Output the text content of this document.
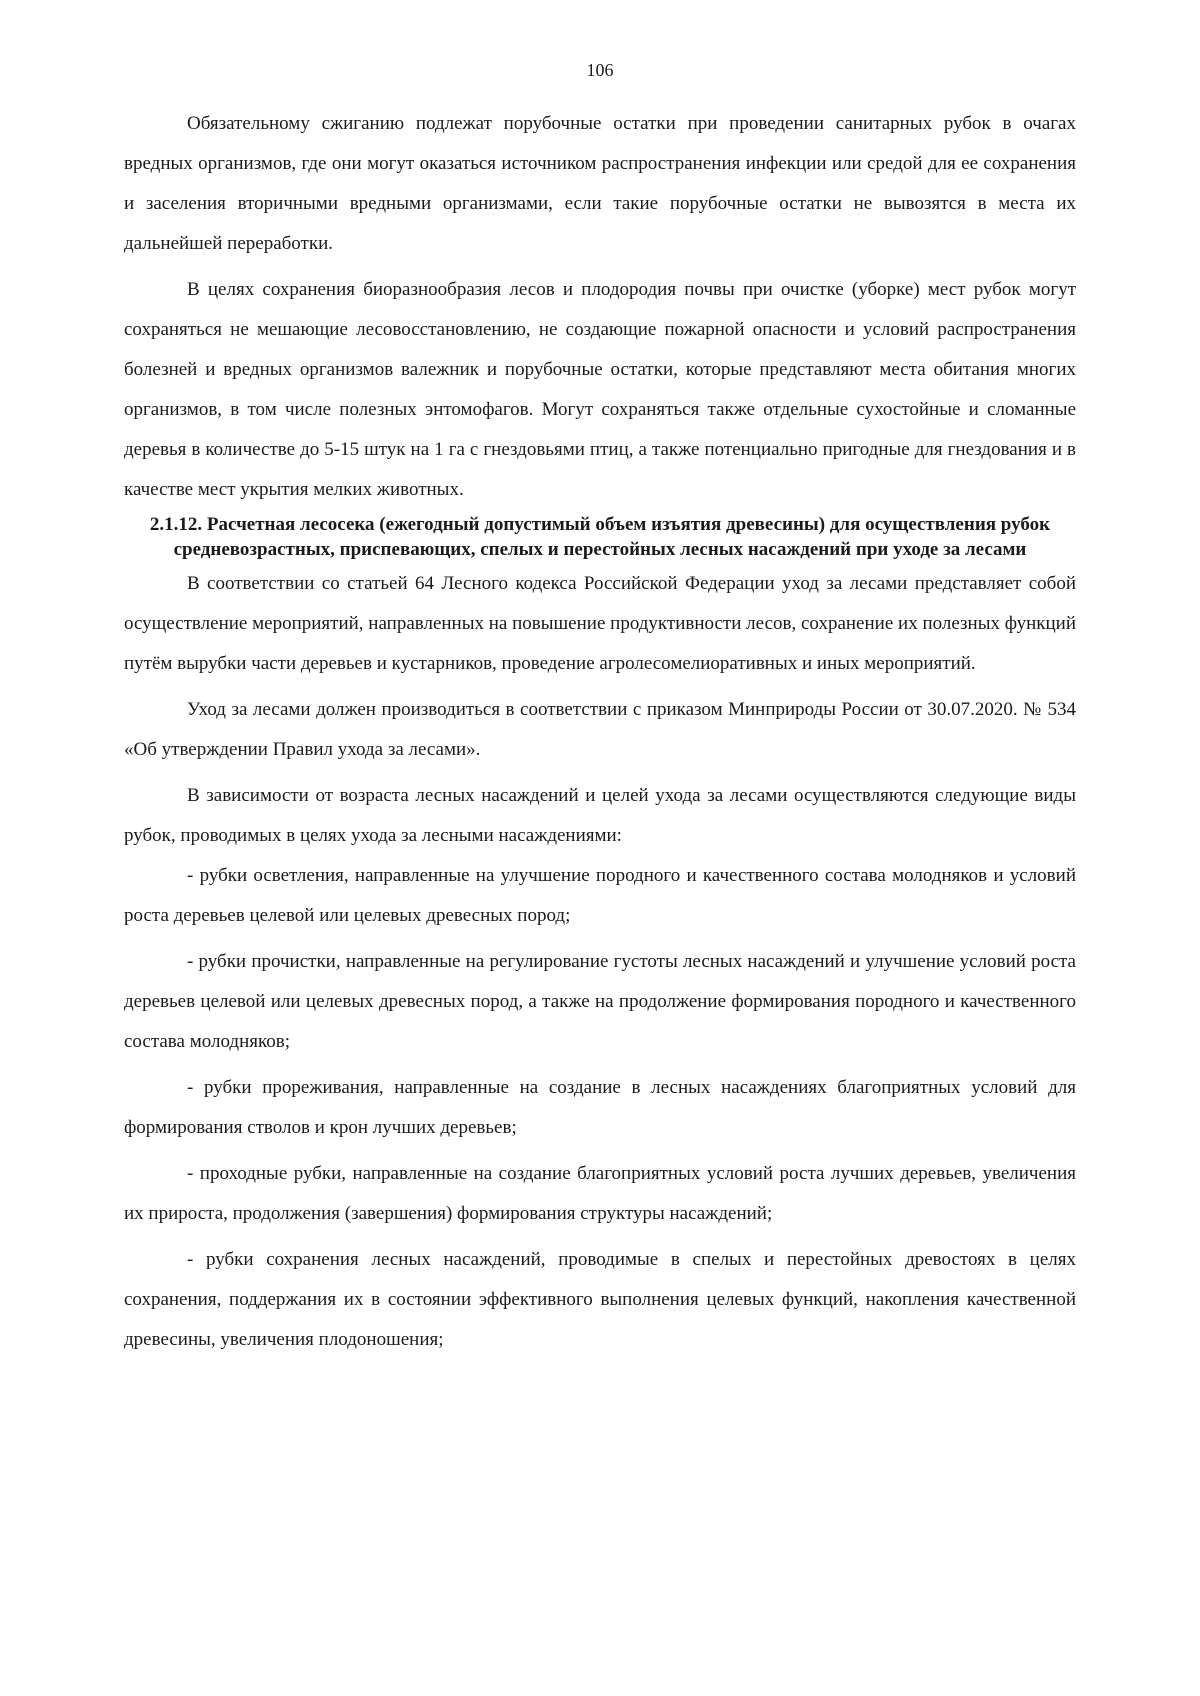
106

Обязательному сжиганию подлежат порубочные остатки при проведении санитарных рубок в очагах вредных организмов, где они могут оказаться источником распространения инфекции или средой для ее сохранения и заселения вторичными вредными организмами, если такие порубочные остатки не вывозятся в места их дальнейшей переработки.

В целях сохранения биоразнообразия лесов и плодородия почвы при очистке (уборке) мест рубок могут сохраняться не мешающие лесовосстановлению, не создающие пожарной опасности и условий распространения болезней и вредных организмов валежник и порубочные остатки, которые представляют места обитания многих организмов, в том числе полезных энтомофагов. Могут сохраняться также отдельные сухостойные и сломанные деревья в количестве до 5-15 штук на 1 га с гнездовьями птиц, а также потенциально пригодные для гнездования и в качестве мест укрытия мелких животных.

2.1.12. Расчетная лесосека (ежегодный допустимый объем изъятия древесины) для осуществления рубок средневозрастных, приспевающих, спелых и перестойных лесных насаждений при уходе за лесами

В соответствии со статьей 64 Лесного кодекса Российской Федерации уход за лесами представляет собой осуществление мероприятий, направленных на повышение продуктивности лесов, сохранение их полезных функций путём вырубки части деревьев и кустарников, проведение агролесомелиоративных и иных мероприятий.

Уход за лесами должен производиться в соответствии с приказом Минприроды России от 30.07.2020. № 534 «Об утверждении Правил ухода за лесами».

В зависимости от возраста лесных насаждений и целей ухода за лесами осуществляются следующие виды рубок, проводимых в целях ухода за лесными насаждениями:

- рубки осветления, направленные на улучшение породного и качественного состава молодняков и условий роста деревьев целевой или целевых древесных пород;

- рубки прочистки, направленные на регулирование густоты лесных насаждений и улучшение условий роста деревьев целевой или целевых древесных пород, а также на продолжение формирования породного и качественного состава молодняков;

- рубки прореживания, направленные на создание в лесных насаждениях благоприятных условий для формирования стволов и крон лучших деревьев;

- проходные рубки, направленные на создание благоприятных условий роста лучших деревьев, увеличения их прироста, продолжения (завершения) формирования структуры насаждений;

- рубки сохранения лесных насаждений, проводимые в спелых и перестойных древостоях в целях сохранения, поддержания их в состоянии эффективного выполнения целевых функций, накопления качественной древесины, увеличения плодоношения;
